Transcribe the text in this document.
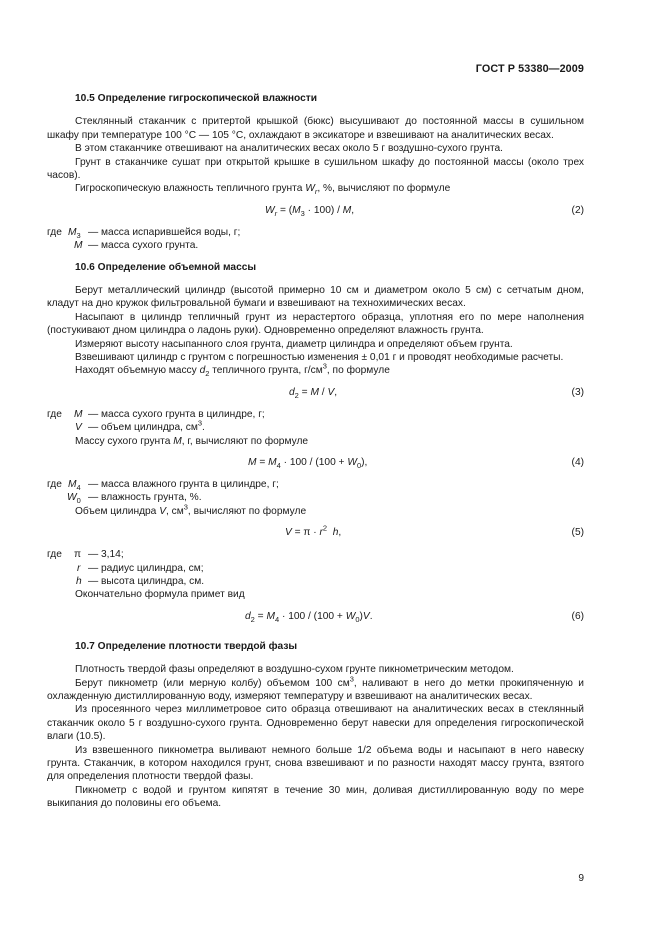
ГОСТ Р 53380—2009
10.5 Определение гигроскопической влажности

Стеклянный стаканчик с притертой крышкой (бюкс) высушивают до постоянной массы в сушильном шкафу при температуре 100 °C — 105 °C, охлаждают в эксикаторе и взвешивают на аналитических весах.

В этом стаканчике отвешивают на аналитических весах около 5 г воздушно-сухого грунта.

Грунт в стаканчике сушат при открытой крышке в сушильном шкафу до постоянной массы (около трех часов).

Гигроскопическую влажность тепличного грунта $W_r$, %, вычисляют по формуле

$W_r = (M_3 \cdot 100) / M$,	(2)
где $M_3$ — масса испарившейся воды, г;
M — масса сухого грунта.
10.6 Определение объемной массы

Берут металлический цилиндр (высотой примерно 10 см и диаметром около 5 см) с сетчатым дном, кладут на дно кружок фильтровальной бумаги и взвешивают на технохимических весах.

Насыпают в цилиндр тепличный грунт из нерастертого образца, уплотняя его по мере наполнения (постукивают дном цилиндра о ладонь руки). Одновременно определяют влажность грунта.

Измеряют высоту насыпанного слоя грунта, диаметр цилиндра и определяют объем грунта.

Взвешивают цилиндр с грунтом с погрешностью изменения ± 0,01 г и проводят необходимые расчеты.

Находят объемную массу $d_2$ тепличного грунта, $г/см^3$, по формуле

$d_2 = M / V$,	(3)
где M — масса сухого грунта в цилиндре, г;
V — объем цилиндра, $см^3$.

Массу сухого грунта M, г, вычисляют по формуле

$M = M_4 \cdot 100 / (100 + W_0)$,	(4)
где $M_4$ — масса влажного грунта в цилиндре, г;
$W_0$ — влажность грунта, %.

Объем цилиндра V, $см^3$, вычисляют по формуле

$V = \pi \cdot r^2$ h,	(5)
где π — 3,14;
r — радиус цилиндра, см;
h — высота цилиндра, см.

Окончательно формула примет вид

$d_2 = M_4 \cdot 100 / (100 + W_0)V$.	(6)
10.7 Определение плотности твердой фазы

Плотность твердой фазы определяют в воздушно-сухом грунте пикнометрическим методом.

Берут пикнометр (или мерную колбу) объемом 100 $см^3$, наливают в него до метки прокипяченную и охлажденную дистиллированную воду, измеряют температуру и взвешивают на аналитических весах.

Из просеянного через миллиметровое сито образца отвешивают на аналитических весах в стеклянный стаканчик около 5 г воздушно-сухого грунта. Одновременно берут навески для определения гигроскопической влаги (10.5).

Из взвешенного пикнометра выливают немного больше 1/2 объема воды и насыпают в него навеску грунта. Стаканчик, в котором находился грунт, снова взвешивают и по разности находят массу грунта, взятого для определения плотности твердой фазы.

Пикнометр с водой и грунтом кипятят в течение 30 мин, доливая дистиллированную воду по мере выкипания до половины его объема.

9
